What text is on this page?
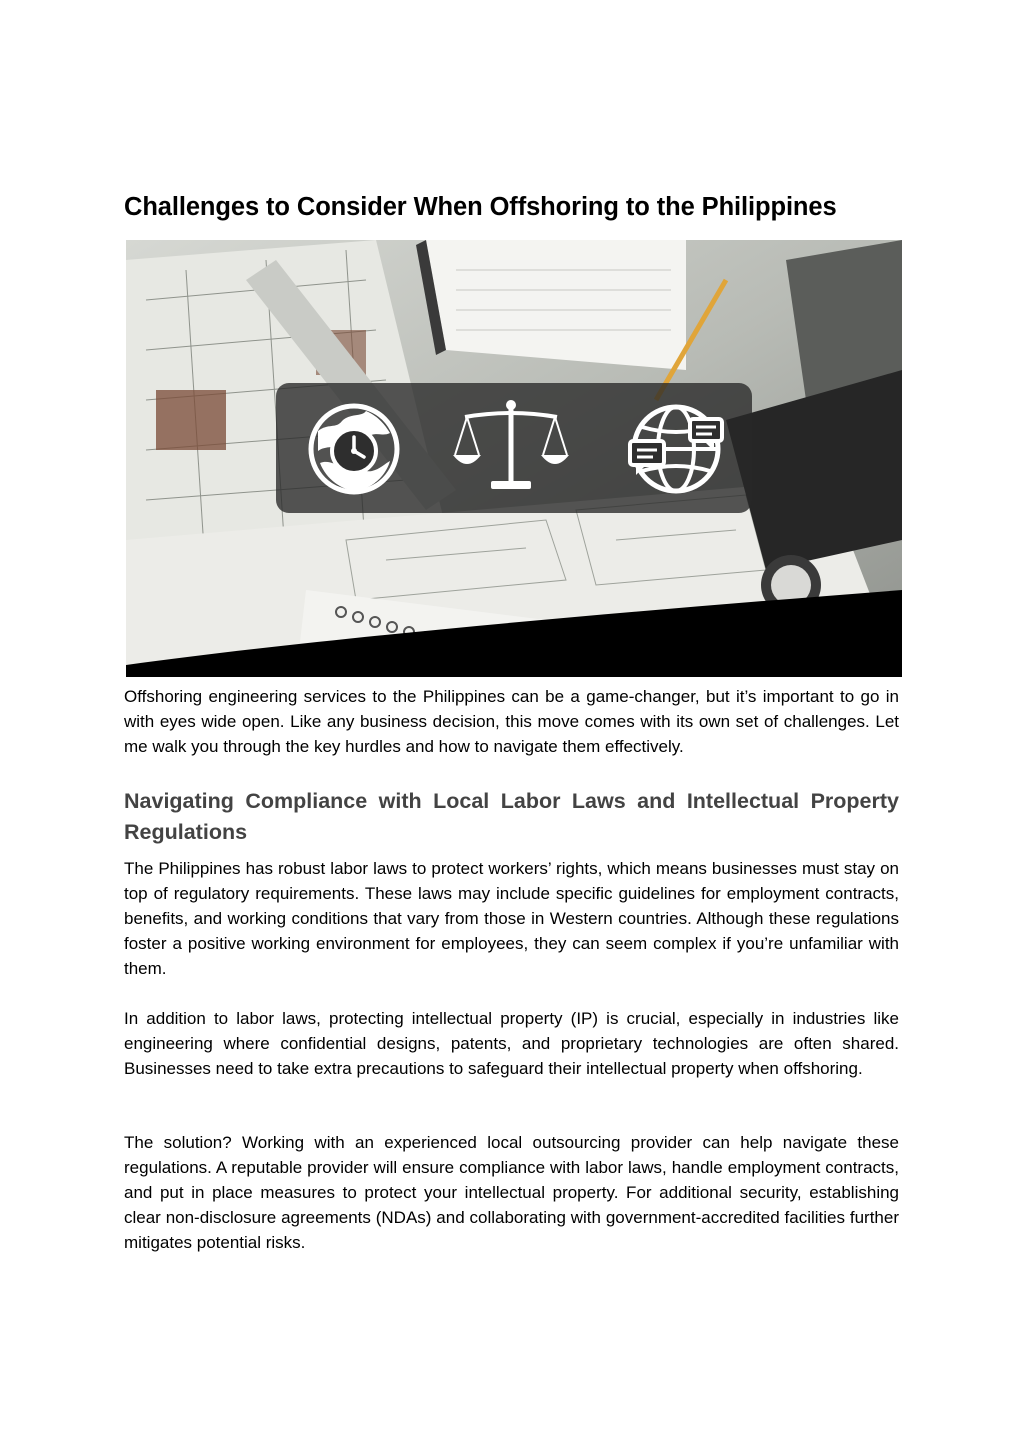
Challenges to Consider When Offshoring to the Philippines

Offshoring engineering services to the Philippines can be a game-changer, but it’s important to go in with eyes wide open. Like any business decision, this move comes with its own set of challenges. Let me walk you through the key hurdles and how to navigate them effectively.

Navigating Compliance with Local Labor Laws and Intellectual Property Regulations

The Philippines has robust labor laws to protect workers’ rights, which means businesses must stay on top of regulatory requirements. These laws may include specific guidelines for employment contracts, benefits, and working conditions that vary from those in Western countries. Although these regulations foster a positive working environment for employees, they can seem complex if you’re unfamiliar with them.

In addition to labor laws, protecting intellectual property (IP) is crucial, especially in industries like engineering where confidential designs, patents, and proprietary technologies are often shared. Businesses need to take extra precautions to safeguard their intellectual property when offshoring.

The solution? Working with an experienced local outsourcing provider can help navigate these regulations. A reputable provider will ensure compliance with labor laws, handle employment contracts, and put in place measures to protect your intellectual property. For additional security, establishing clear non-disclosure agreements (NDAs) and collaborating with government-accredited facilities further mitigates potential risks.
